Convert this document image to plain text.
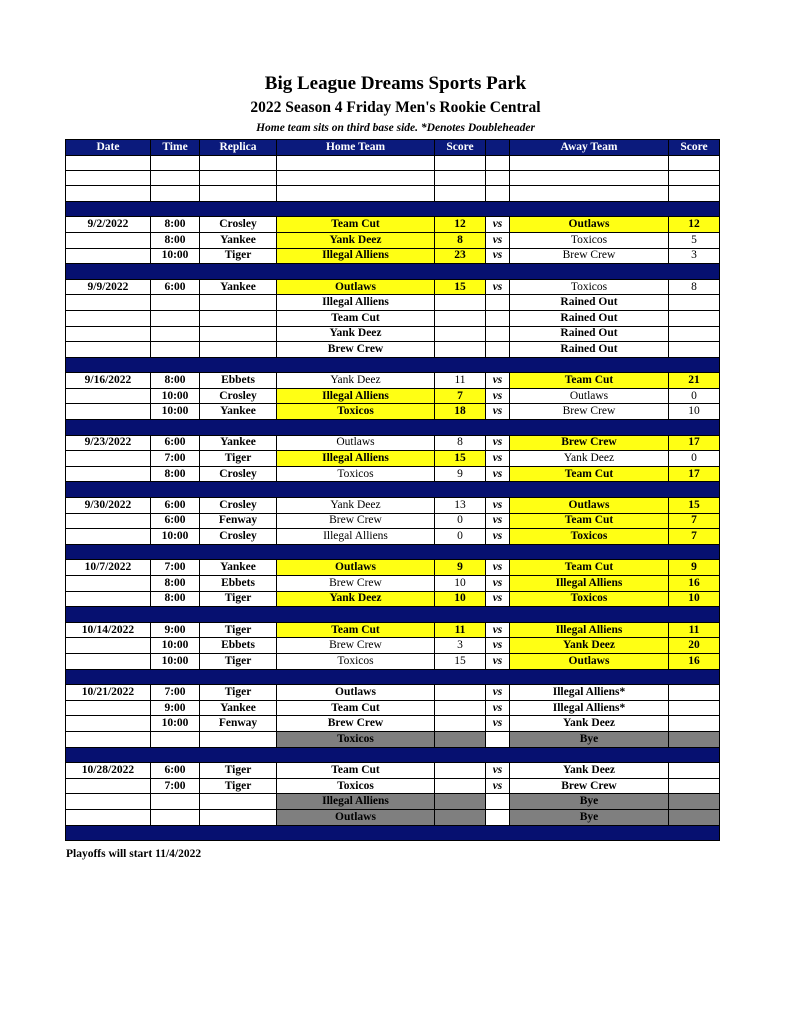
Big League Dreams Sports Park
2022 Season 4 Friday Men's Rookie Central
Home team sits on third base side. *Denotes Doubleheader
Date	Time	Replica	Home Team	Score		Away Team	Score

9/2/2022	8:00	Crosley	Team Cut	12	vs	Outlaws	12
	8:00	Yankee	Yank Deez	8	vs	Toxicos	5
	10:00	Tiger	Illegal Alliens	23	vs	Brew Crew	3

9/9/2022	6:00	Yankee	Outlaws	15	vs	Toxicos	8
			Illegal Alliens			Rained Out	
			Team Cut			Rained Out	
			Yank Deez			Rained Out	
			Brew Crew			Rained Out	

9/16/2022	8:00	Ebbets	Yank Deez	11	vs	Team Cut	21
	10:00	Crosley	Illegal Alliens	7	vs	Outlaws	0
	10:00	Yankee	Toxicos	18	vs	Brew Crew	10

9/23/2022	6:00	Yankee	Outlaws	8	vs	Brew Crew	17
	7:00	Tiger	Illegal Alliens	15	vs	Yank Deez	0
	8:00	Crosley	Toxicos	9	vs	Team Cut	17

9/30/2022	6:00	Crosley	Yank Deez	13	vs	Outlaws	15
	6:00	Fenway	Brew Crew	0	vs	Team Cut	7
	10:00	Crosley	Illegal Alliens	0	vs	Toxicos	7

10/7/2022	7:00	Yankee	Outlaws	9	vs	Team Cut	9
	8:00	Ebbets	Brew Crew	10	vs	Illegal Alliens	16
	8:00	Tiger	Yank Deez	10	vs	Toxicos	10

10/14/2022	9:00	Tiger	Team Cut	11	vs	Illegal Alliens	11
	10:00	Ebbets	Brew Crew	3	vs	Yank Deez	20
	10:00	Tiger	Toxicos	15	vs	Outlaws	16

10/21/2022	7:00	Tiger	Outlaws		vs	Illegal Alliens*	
	9:00	Yankee	Team Cut		vs	Illegal Alliens*	
	10:00	Fenway	Brew Crew		vs	Yank Deez	
			Toxicos			Bye	

10/28/2022	6:00	Tiger	Team Cut		vs	Yank Deez	
	7:00	Tiger	Toxicos		vs	Brew Crew	
			Illegal Alliens			Bye	
			Outlaws			Bye	

Playoffs will start 11/4/2022
